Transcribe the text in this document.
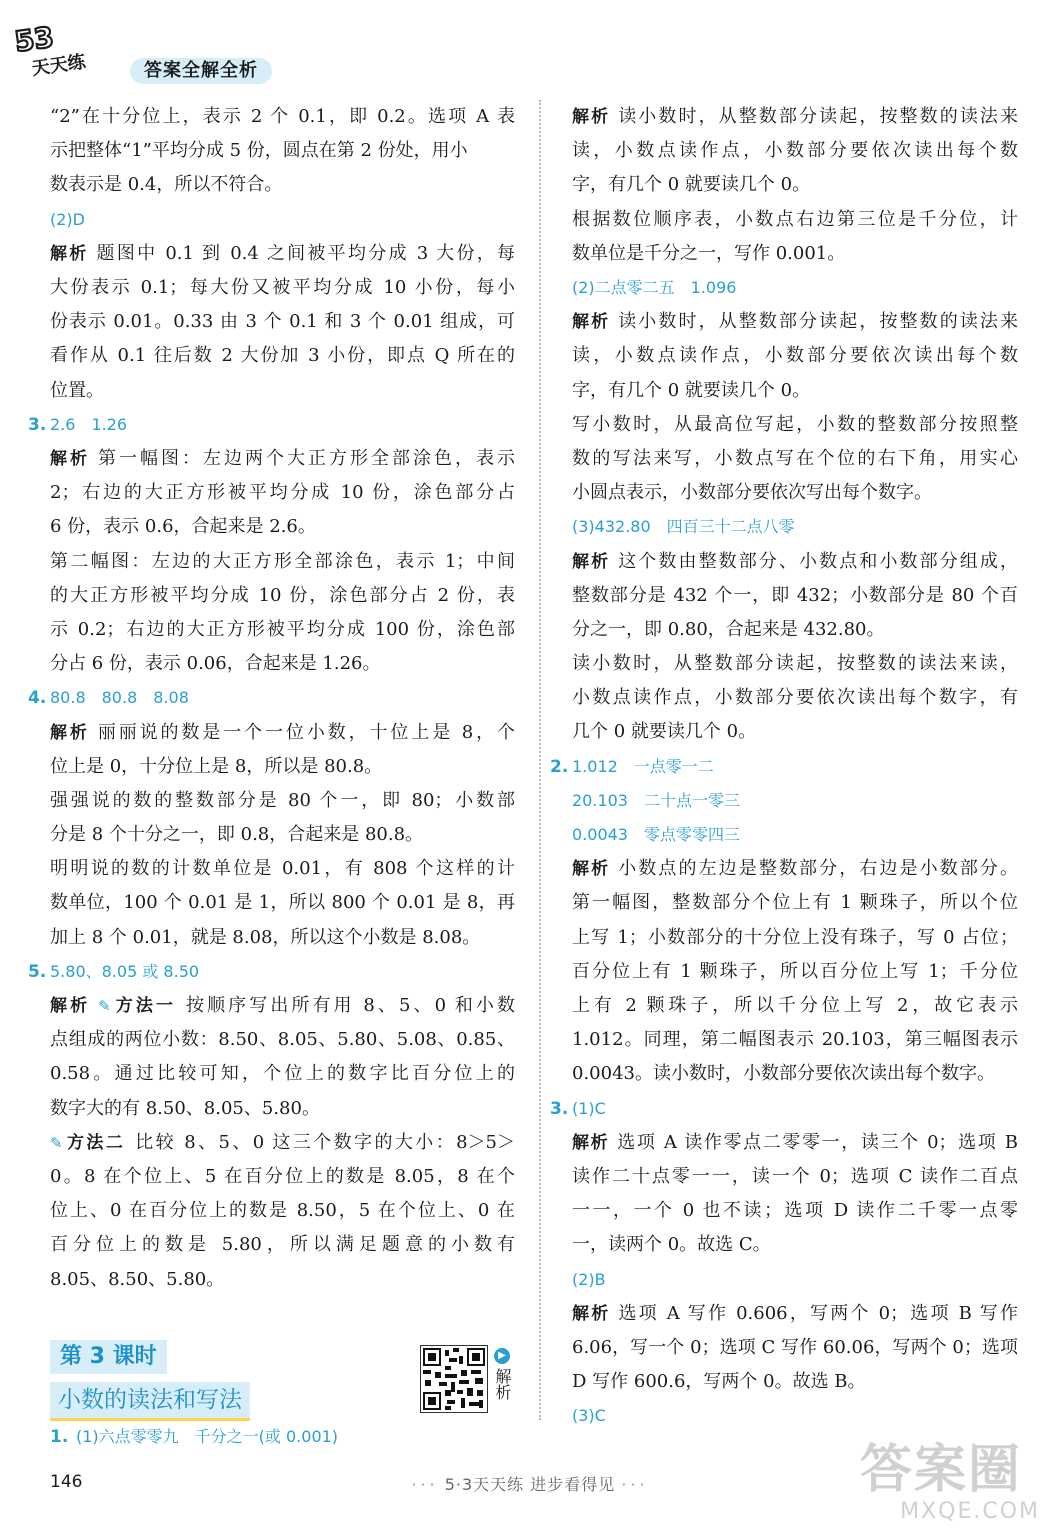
53
天天练	答案全解全析
“2”在十分位上，表示 2 个 0.1，即 0.2。选项 A 表
示把整体“1”平均分成 5 份，圆点在第 2 份处，用小
数表示是 0.4，所以不符合。
(2)D
解析 题图中 0.1 到 0.4 之间被平均分成 3 大份，每
大份表示 0.1；每大份又被平均分成 10 小份，每小
份表示 0.01。0.33 由 3 个 0.1 和 3 个 0.01 组成，可
看作从 0.1 往后数 2 大份加 3 小份，即点 Q 所在的
位置。
3. 2.6　1.26
解析 第一幅图：左边两个大正方形全部涂色，表示
2；右边的大正方形被平均分成 10 份，涂色部分占
6 份，表示 0.6，合起来是 2.6。
第二幅图：左边的大正方形全部涂色，表示 1；中间
的大正方形被平均分成 10 份，涂色部分占 2 份，表
示 0.2；右边的大正方形被平均分成 100 份，涂色部
分占 6 份，表示 0.06，合起来是 1.26。
4. 80.8　80.8　8.08
解析 丽丽说的数是一个一位小数，十位上是 8，个
位上是 0，十分位上是 8，所以是 80.8。
强强说的数的整数部分是 80 个一，即 80；小数部
分是 8 个十分之一，即 0.8，合起来是 80.8。
明明说的数的计数单位是 0.01，有 808 个这样的计
数单位，100 个 0.01 是 1，所以 800 个 0.01 是 8，再
加上 8 个 0.01，就是 8.08，所以这个小数是 8.08。
5. 5.80、8.05 或 8.50
解析 ✎ 方法一 按顺序写出所有用 8、5、0 和小数
点组成的两位小数：8.50、8.05、5.80、5.08、0.85、
0.58。通过比较可知，个位上的数字比百分位上的
数字大的有 8.50、8.05、5.80。
✎ 方法二 比较 8、5、0 这三个数字的大小：8＞5＞
0。8 在个位上、5 在百分位上的数是 8.05，8 在个
位上、0 在百分位上的数是 8.50，5 在个位上、0 在
百分位上的数是 5.80，所以满足题意的小数有
8.05、8.50、5.80。
解析 读小数时，从整数部分读起，按整数的读法来
读，小数点读作点，小数部分要依次读出每个数
字，有几个 0 就要读几个 0。
根据数位顺序表，小数点右边第三位是千分位，计
数单位是千分之一，写作 0.001。
(2)二点零二五　1.096
解析 读小数时，从整数部分读起，按整数的读法来
读，小数点读作点，小数部分要依次读出每个数
字，有几个 0 就要读几个 0。
写小数时，从最高位写起，小数的整数部分按照整
数的写法来写，小数点写在个位的右下角，用实心
小圆点表示，小数部分要依次写出每个数字。
(3)432.80　四百三十二点八零
解析 这个数由整数部分、小数点和小数部分组成，
整数部分是 432 个一，即 432；小数部分是 80 个百
分之一，即 0.80，合起来是 432.80。
读小数时，从整数部分读起，按整数的读法来读，
小数点读作点，小数部分要依次读出每个数字，有
几个 0 就要读几个 0。
2. 1.012　一点零一二
20.103　二十点一零三
0.0043　零点零零四三
解析 小数点的左边是整数部分，右边是小数部分。
第一幅图，整数部分个位上有 1 颗珠子，所以个位
上写 1；小数部分的十分位上没有珠子，写 0 占位；
百分位上有 1 颗珠子，所以百分位上写 1；千分位
上有 2 颗珠子，所以千分位上写 2，故它表示
1.012。同理，第二幅图表示 20.103，第三幅图表示
0.0043。读小数时，小数部分要依次读出每个数字。
3. (1)C
解析 选项 A 读作零点二零零一，读三个 0；选项 B
读作二十点零一一，读一个 0；选项 C 读作二百点
一一，一个 0 也不读；选项 D 读作二千零一点零
一，读两个 0。故选 C。
(2)B
解析 选项 A 写作 0.606，写两个 0；选项 B 写作
6.06，写一个 0；选项 C 写作 60.06，写两个 0；选项
D 写作 600.6，写两个 0。故选 B。
(3)C
第 3 课时
小数的读法和写法
▶
解析
1. (1)六点零零九　千分之一(或 0.001)
146	··· 5·3天天练 进步看得见 ···	答案圈
MXQE.COM
